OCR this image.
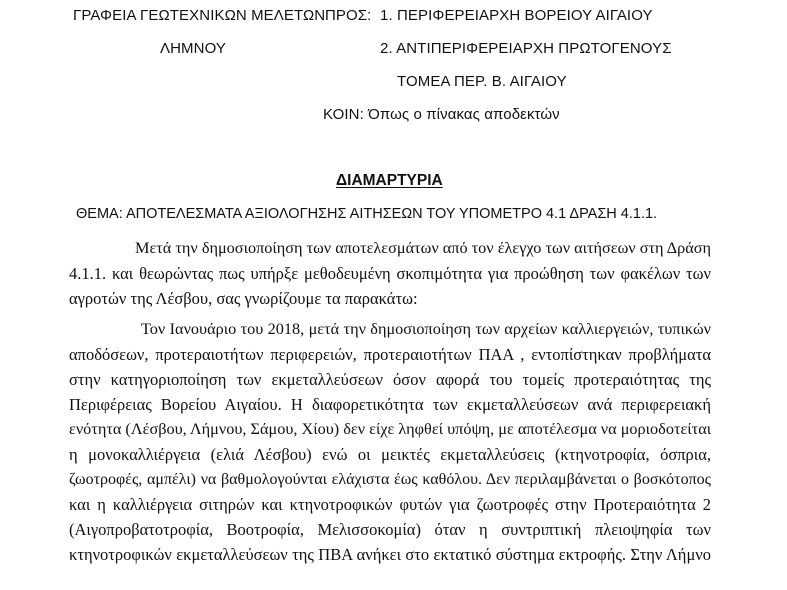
ΓΡΑΦΕΙΑ ΓΕΩΤΕΧΝΙΚΩΝ ΜΕΛΕΤΩΝ
ΛΗΜΝΟΥ
ΠΡΟΣ: 1. ΠΕΡΙΦΕΡΕΙΑΡΧΗ ΒΟΡΕΙΟΥ ΑΙΓΑΙΟΥ
2. ΑΝΤΙΠΕΡΙΦΕΡΕΙΑΡΧΗ ΠΡΩΤΟΓΕΝΟΥΣ
ΤΟΜΕΑ ΠΕΡ. Β. ΑΙΓΑΙΟΥ
ΚΟΙΝ: Όπως ο πίνακας αποδεκτών
ΔΙΑΜΑΡΤΥΡΙΑ
ΘΕΜΑ: ΑΠΟΤΕΛΕΣΜΑΤΑ ΑΞΙΟΛΟΓΗΣΗΣ ΑΙΤΗΣΕΩΝ ΤΟΥ ΥΠΟΜΕΤΡΟ 4.1 ΔΡΑΣΗ 4.1.1.
Μετά την δημοσιοποίηση των αποτελεσμάτων από τον έλεγχο των αιτήσεων στη Δράση
4.1.1. και θεωρώντας πως υπήρξε μεθοδευμένη σκοπιμότητα για προώθηση των φακέλων των
αγροτών της Λέσβου, σας γνωρίζουμε τα παρακάτω:
Τον Ιανουάριο του 2018, μετά την δημοσιοποίηση των αρχείων καλλιεργειών, τυπικών
αποδόσεων, προτεραιοτήτων περιφερειών, προτεραιοτήτων ΠΑΑ , εντοπίστηκαν προβλήματα
στην κατηγοριοποίηση των εκμεταλλεύσεων όσον αφορά του τομείς προτεραιότητας της
Περιφέρειας Βορείου Αιγαίου. Η διαφορετικότητα των εκμεταλλεύσεων ανά περιφερειακή
ενότητα (Λέσβου, Λήμνου, Σάμου, Χίου) δεν είχε ληφθεί υπόψη, με αποτέλεσμα να μοριοδοτείται
η μονοκαλλιέργεια (ελιά Λέσβου) ενώ οι μεικτές εκμεταλλεύσεις (κτηνοτροφία, όσπρια,
ζωοτροφές, αμπέλι) να βαθμολογούνται ελάχιστα έως καθόλου. Δεν περιλαμβάνεται ο βοσκότοπος
και η καλλιέργεια σιτηρών και κτηνοτροφικών φυτών για ζωοτροφές στην Προτεραιότητα 2
(Αιγοπροβατοτροφία, Βοοτροφία, Μελισσοκομία) όταν η συντριπτική πλειοψηφία των
κτηνοτροφικών εκμεταλλεύσεων της ΠΒΑ ανήκει στο εκτατικό σύστημα εκτροφής. Στην Λήμνο
